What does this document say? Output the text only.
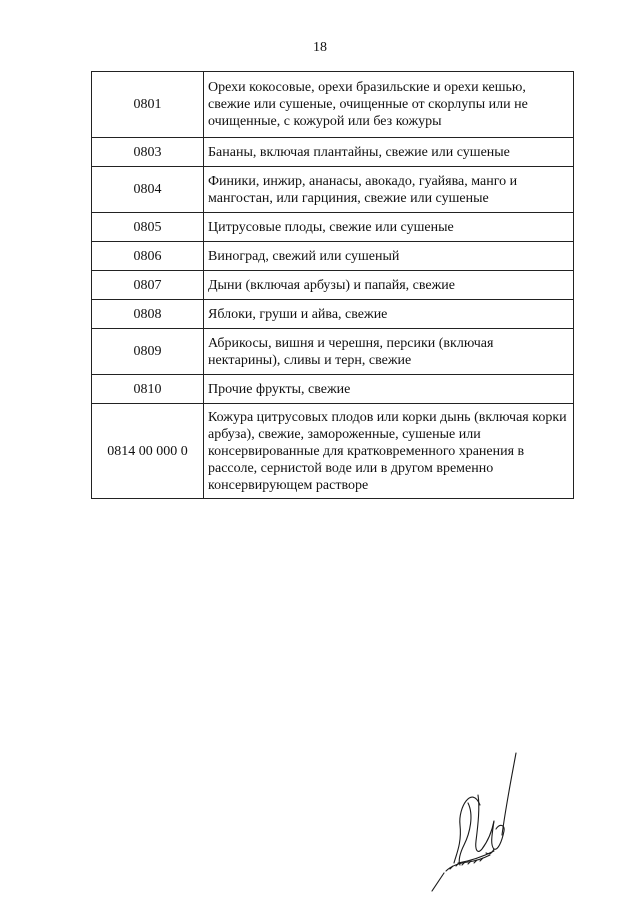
18
0801	Орехи кокосовые, орехи бразильские и орехи кешью, свежие или сушеные, очищенные от скорлупы или не очищенные, с кожурой или без кожуры
0803	Бананы, включая плантайны, свежие или сушеные
0804	Финики, инжир, ананасы, авокадо, гуайява, манго и мангостан, или гарциния, свежие или сушеные
0805	Цитрусовые плоды, свежие или сушеные
0806	Виноград, свежий или сушеный
0807	Дыни (включая арбузы) и папайя, свежие
0808	Яблоки, груши и айва, свежие
0809	Абрикосы, вишня и черешня, персики (включая нектарины), сливы и терн, свежие
0810	Прочие фрукты, свежие
0814 00 000 0	Кожура цитрусовых плодов или корки дынь (включая корки арбуза), свежие, замороженные, сушеные или консервированные для кратковременного хранения в рассоле, сернистой воде или в другом временно консервирующем растворе
